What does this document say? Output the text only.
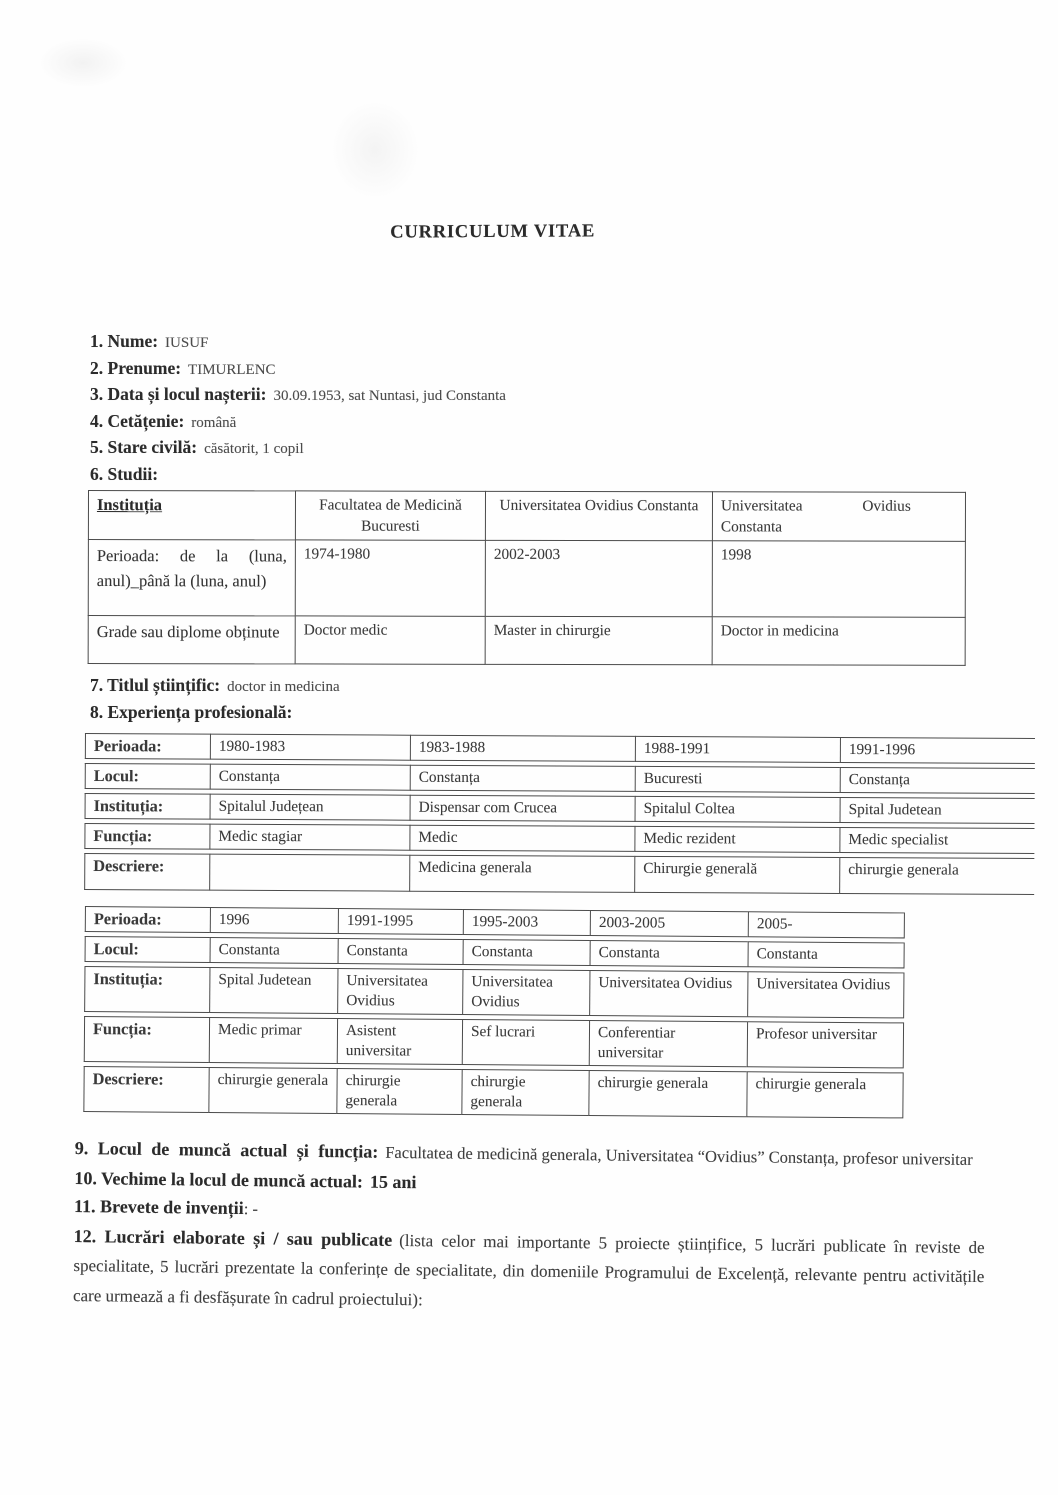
CURRICULUM VITAE
1. Nume: IUSUF
2. Prenume: TIMURLENC
3. Data și locul nașterii: 30.09.1953, sat Nuntasi, jud Constanta
4. Cetățenie: română
5. Stare civilă: căsătorit, 1 copil
6. Studii:
Instituția	Facultatea de Medicină Bucuresti	Universitatea Ovidius Constanta	Universitatea Ovidius Constanta
Perioada: de la (luna, anul)_până la (luna, anul)	1974-1980	2002-2003	1998
Grade sau diplome obținute	Doctor medic	Master in chirurgie	Doctor in medicina
7. Titlul științific: doctor in medicina
8. Experiența profesională:
Perioada:	1980-1983	1983-1988	1988-1991	1991-1996
Locul:	Constanța	Constanța	Bucuresti	Constanța
Instituția:	Spitalul Județean	Dispensar com Crucea	Spitalul Coltea	Spital Judetean
Funcția:	Medic stagiar	Medic	Medic rezident	Medic specialist
Descriere:		Medicina generala	Chirurgie generală	chirurgie generala
Perioada:	1996	1991-1995	1995-2003	2003-2005	2005-
Locul:	Constanta	Constanta	Constanta	Constanta	Constanta
Instituția:	Spital Judetean	Universitatea Ovidius	Universitatea Ovidius	Universitatea Ovidius	Universitatea Ovidius
Funcția:	Medic primar	Asistent universitar	Sef lucrari	Conferentiar universitar	Profesor universitar
Descriere:	chirurgie generala	chirurgie generala	chirurgie generala	chirurgie generala	chirurgie generala

9. Locul de muncă actual și funcția: Facultatea de medicină generala, Universitatea “Ovidius” Constanța, profesor universitar

10. Vechime la locul de muncă actual: 15 ani

11. Brevete de invenții: -

12. Lucrări elaborate și / sau publicate (lista celor mai importante 5 proiecte științifice, 5 lucrări publicate în reviste de specialitate, 5 lucrări prezentate la conferințe de specialitate, din domeniile Programului de Excelență, relevante pentru activitățile care urmează a fi desfășurate în cadrul proiectului):
